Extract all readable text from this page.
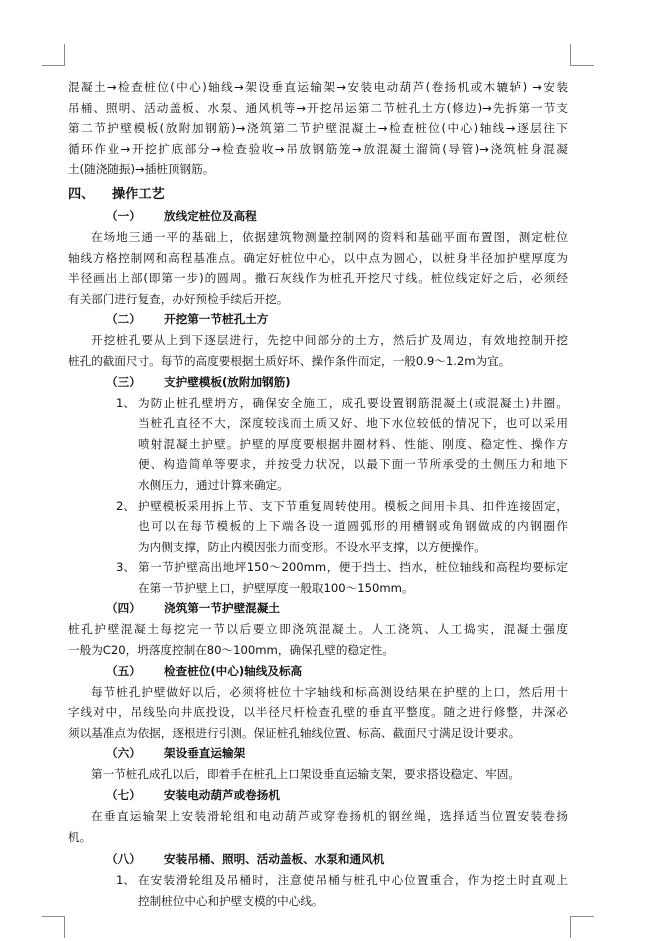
混凝土→检查桩位(中心)轴线→架设垂直运输架→安装电动葫芦(卷扬机或木辘轳) →安装
吊桶、照明、活动盖板、水泵、通风机等→开挖吊运第二节桩孔土方(修边)→先拆第一节支
第二节护壁模板(放附加钢筋)→浇筑第二节护壁混凝土→检查桩位(中心)轴线→逐层往下
循环作业→开挖扩底部分→检查验收→吊放钢筋笼→放混凝土溜筒(导管)→浇筑桩身混凝
土(随浇随振)→插桩顶钢筋。
四、 操作工艺
（一） 放线定桩位及高程
在场地三通一平的基础上，依据建筑物测量控制网的资料和基础平面布置图，测定桩位
轴线方格控制网和高程基准点。确定好桩位中心，以中点为圆心，以桩身半径加护壁厚度为
半径画出上部(即第一步)的圆周。撒石灰线作为桩孔开挖尺寸线。桩位线定好之后，必须经
有关部门进行复查，办好预检手续后开挖。
（二） 开挖第一节桩孔土方
开挖桩孔要从上到下逐层进行，先挖中间部分的土方，然后扩及周边，有效地控制开挖
桩孔的截面尺寸。每节的高度要根据土质好坏、操作条件而定，一般0.9～1.2m为宜。
（三） 支护壁模板(放附加钢筋)
1、 为防止桩孔壁坍方，确保安全施工，成孔要设置钢筋混凝土(或混凝土)井圈。
当桩孔直径不大，深度较浅而土质又好、地下水位较低的情况下，也可以采用
喷射混凝土护壁。护壁的厚度要根据井圈材料、性能、刚度、稳定性、操作方
便、构造简单等要求，并按受力状况，以最下面一节所承受的土侧压力和地下
水侧压力，通过计算来确定。
2、 护壁模板采用拆上节、支下节重复周转使用。模板之间用卡具、扣件连接固定，
也可以在每节模板的上下端各设一道圆弧形的用槽钢或角钢做成的内钢圈作
为内侧支撑，防止内模因张力而变形。不设水平支撑，以方便操作。
3、 第一节护壁高出地坪150～200mm，便于挡土、挡水，桩位轴线和高程均要标定
在第一节护壁上口，护壁厚度一般取100～150mm。
（四） 浇筑第一节护壁混凝土
桩孔护壁混凝土每挖完一节以后要立即浇筑混凝土。人工浇筑、人工捣实，混凝土强度
一般为C20，坍落度控制在80～100mm，确保孔壁的稳定性。
（五） 检查桩位(中心)轴线及标高
每节桩孔护壁做好以后，必须将桩位十字轴线和标高测设结果在护壁的上口，然后用十
字线对中，吊线坠向井底投设，以半径尺杆检查孔壁的垂直平整度。随之进行修整，井深必
须以基准点为依据，逐根进行引测。保证桩孔轴线位置、标高、截面尺寸满足设计要求。
（六） 架设垂直运输架
第一节桩孔成孔以后，即着手在桩孔上口架设垂直运输支架，要求搭设稳定、牢固。
（七） 安装电动葫芦或卷扬机
在垂直运输架上安装滑轮组和电动葫芦或穿卷扬机的钢丝绳，选择适当位置安装卷扬
机。
（八） 安装吊桶、照明、活动盖板、水泵和通风机
1、 在安装滑轮组及吊桶时，注意使吊桶与桩孔中心位置重合，作为挖土时直观上
控制桩位中心和护壁支模的中心线。
